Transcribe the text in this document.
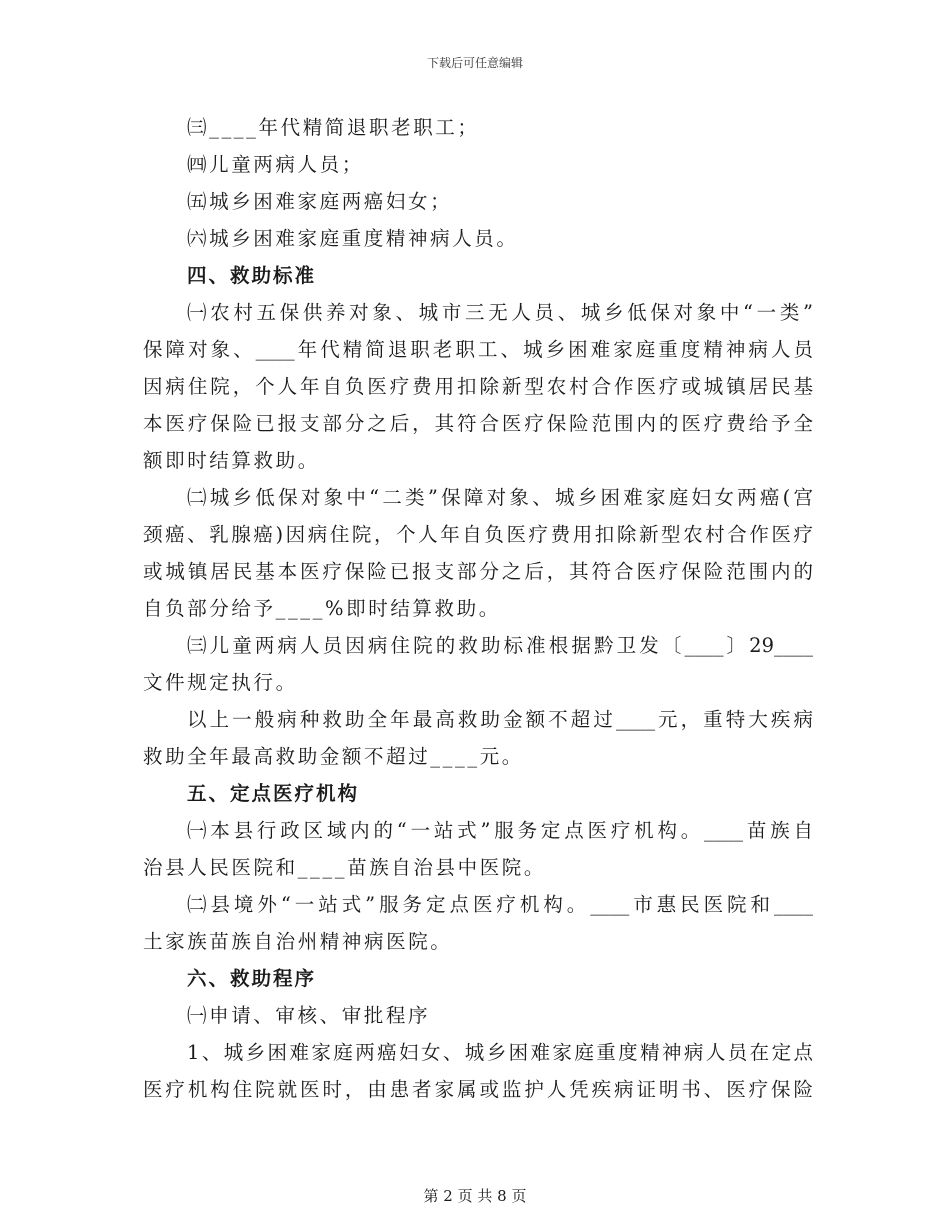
下载后可任意编辑
㈢____年代精简退职老职工；
㈣儿童两病人员；
㈤城乡困难家庭两癌妇女；
㈥城乡困难家庭重度精神病人员。
四、救助标准
㈠农村五保供养对象、城市三无人员、城乡低保对象中“一类”
保障对象、____年代精简退职老职工、城乡困难家庭重度精神病人员
因病住院，个人年自负医疗费用扣除新型农村合作医疗或城镇居民基
本医疗保险已报支部分之后，其符合医疗保险范围内的医疗费给予全
额即时结算救助。
㈡城乡低保对象中“二类”保障对象、城乡困难家庭妇女两癌(宫
颈癌、乳腺癌)因病住院，个人年自负医疗费用扣除新型农村合作医疗
或城镇居民基本医疗保险已报支部分之后，其符合医疗保险范围内的
自负部分给予____%即时结算救助。
㈢儿童两病人员因病住院的救助标准根据黔卫发〔____〕29____
文件规定执行。
以上一般病种救助全年最高救助金额不超过____元，重特大疾病
救助全年最高救助金额不超过____元。
五、定点医疗机构
㈠本县行政区域内的“一站式”服务定点医疗机构。____苗族自
治县人民医院和____苗族自治县中医院。
㈡县境外“一站式”服务定点医疗机构。____市惠民医院和____
土家族苗族自治州精神病医院。
六、救助程序
㈠申请、审核、审批程序
1、城乡困难家庭两癌妇女、城乡困难家庭重度精神病人员在定点
医疗机构住院就医时，由患者家属或监护人凭疾病证明书、医疗保险
第 2 页 共 8 页
